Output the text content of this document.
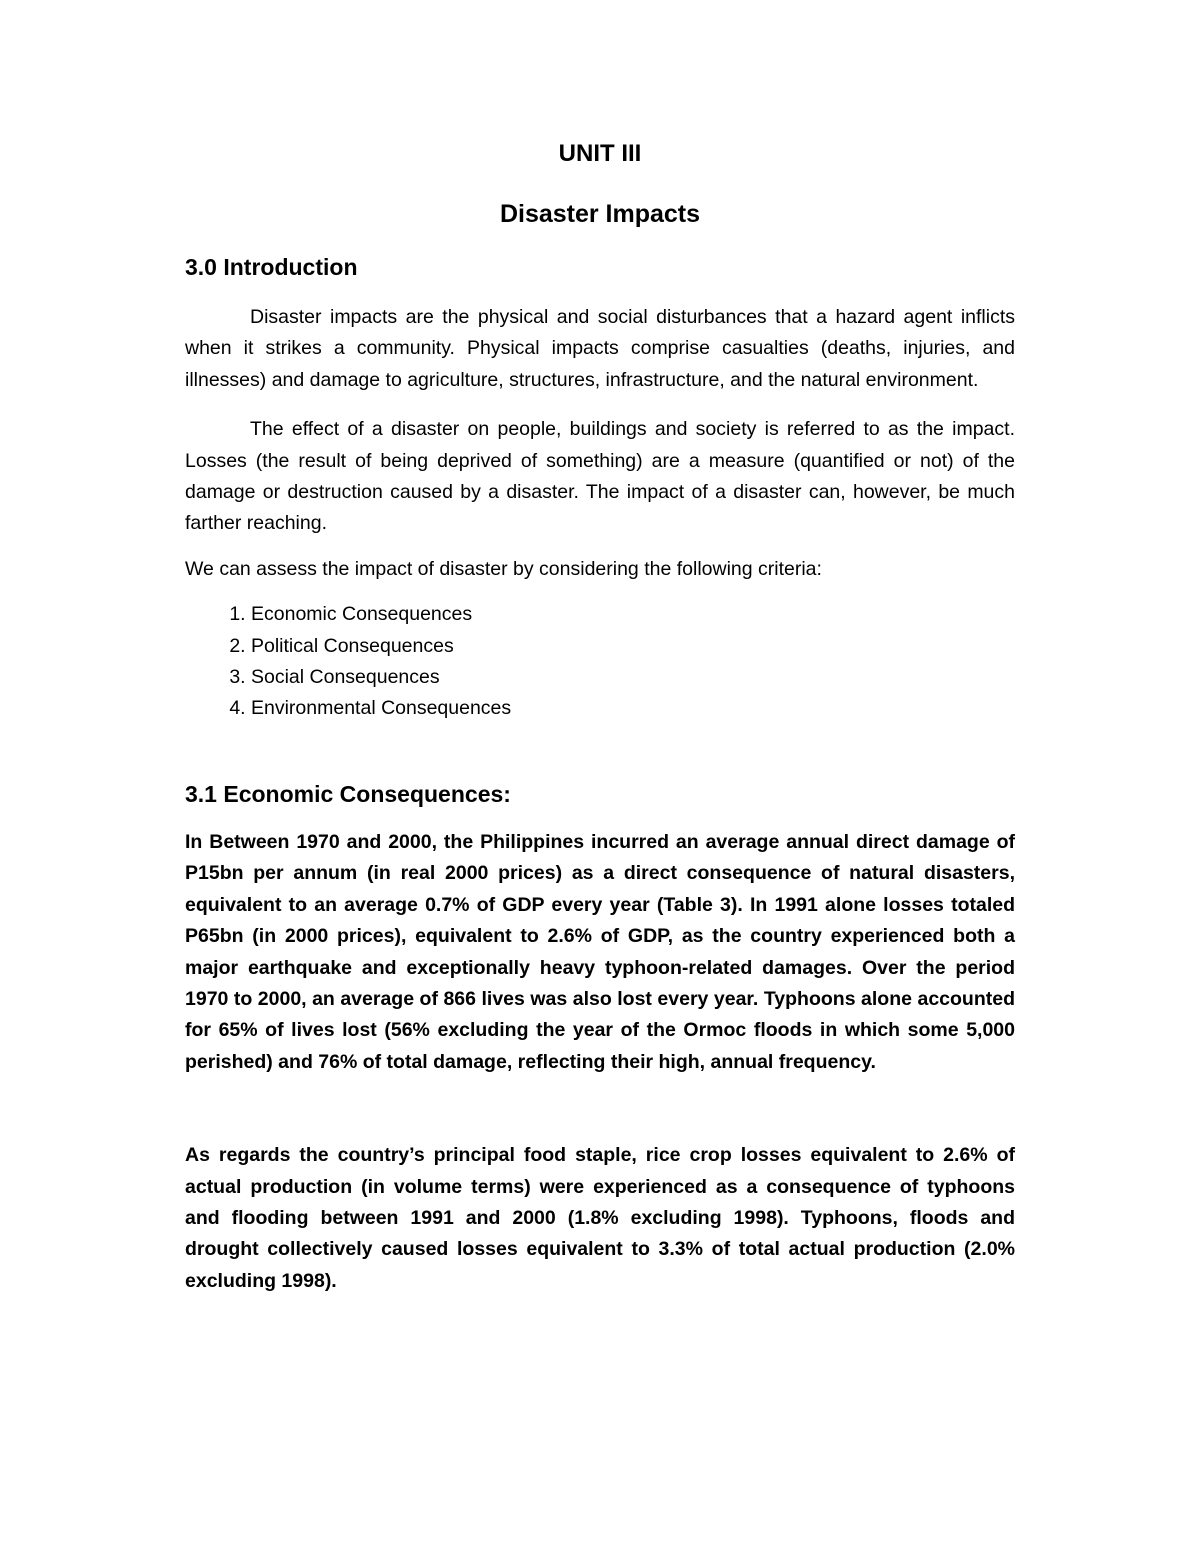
UNIT III
Disaster Impacts
3.0 Introduction

Disaster impacts are the physical and social disturbances that a hazard agent inflicts when it strikes a community. Physical impacts comprise casualties (deaths, injuries, and illnesses) and damage to agriculture, structures, infrastructure, and the natural environment.

The effect of a disaster on people, buildings and society is referred to as the impact. Losses (the result of being deprived of something) are a measure (quantified or not) of the damage or destruction caused by a disaster. The impact of a disaster can, however, be much farther reaching.

We can assess the impact of disaster by considering the following criteria:

1. Economic Consequences
2. Political Consequences
3. Social Consequences
4. Environmental Consequences
3.1 Economic Consequences:

In Between 1970 and 2000, the Philippines incurred an average annual direct damage of P15bn per annum (in real 2000 prices) as a direct consequence of natural disasters, equivalent to an average 0.7% of GDP every year (Table 3). In 1991 alone losses totaled P65bn (in 2000 prices), equivalent to 2.6% of GDP, as the country experienced both a major earthquake and exceptionally heavy typhoon-related damages. Over the period 1970 to 2000, an average of 866 lives was also lost every year. Typhoons alone accounted for 65% of lives lost (56% excluding the year of the Ormoc floods in which some 5,000 perished) and 76% of total damage, reflecting their high, annual frequency.

As regards the country’s principal food staple, rice crop losses equivalent to 2.6% of actual production (in volume terms) were experienced as a consequence of typhoons and flooding between 1991 and 2000 (1.8% excluding 1998). Typhoons, floods and drought collectively caused losses equivalent to 3.3% of total actual production (2.0% excluding 1998).
